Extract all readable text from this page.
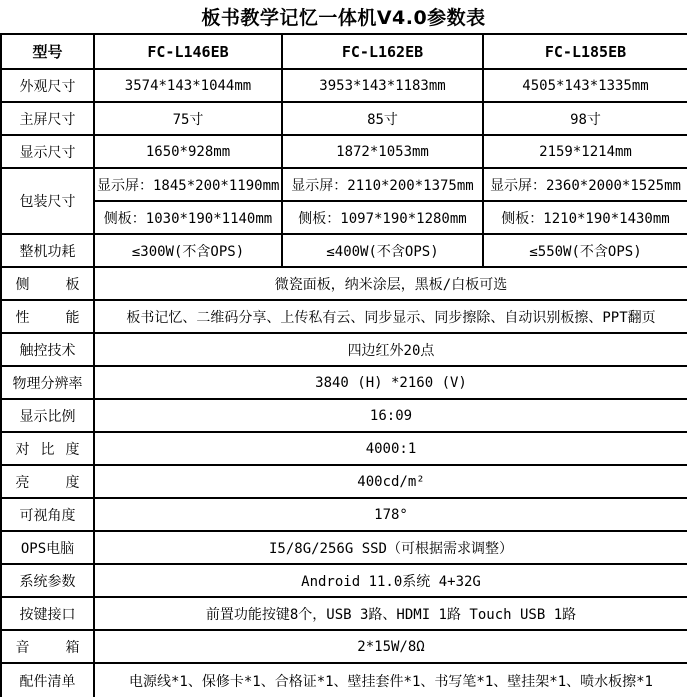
板书教学记忆一体机V4.0参数表
型号	FC-L146EB	FC-L162EB	FC-L185EB
外观尺寸	3574*143*1044mm	3953*143*1183mm	4505*143*1335mm
主屏尺寸	75寸	85寸	98寸
显示尺寸	1650*928mm	1872*1053mm	2159*1214mm
包装尺寸	显示屏：1845*200*1190mm	显示屏：2110*200*1375mm	显示屏：2360*2000*1525mm
	侧板：1030*190*1140mm	侧板：1097*190*1280mm	侧板：1210*190*1430mm
整机功耗	≤300W(不含OPS)	≤400W(不含OPS)	≤550W(不含OPS)

侧板	微瓷面板，纳米涂层，黑板/白板可选		

性能	板书记忆、二维码分享、上传私有云、同步显示、同步擦除、自动识别板擦、PPT翻页		
触控技术	四边红外20点		
物理分辨率	3840 (H) *2160 (V)		
显示比例	16:09		

对比度	4000:1		

亮度	400cd/m²		
可视角度	178°		
OPS电脑	I5/8G/256G SSD（可根据需求调整）		
系统参数	Android 11.0系统 4+32G		
按键接口	前置功能按键8个，USB 3路、HDMI 1路 Touch USB 1路		

音箱	2*15W/8Ω		
配件清单	电源线*1、保修卡*1、合格证*1、壁挂套件*1、书写笔*1、壁挂架*1、喷水板擦*1		
